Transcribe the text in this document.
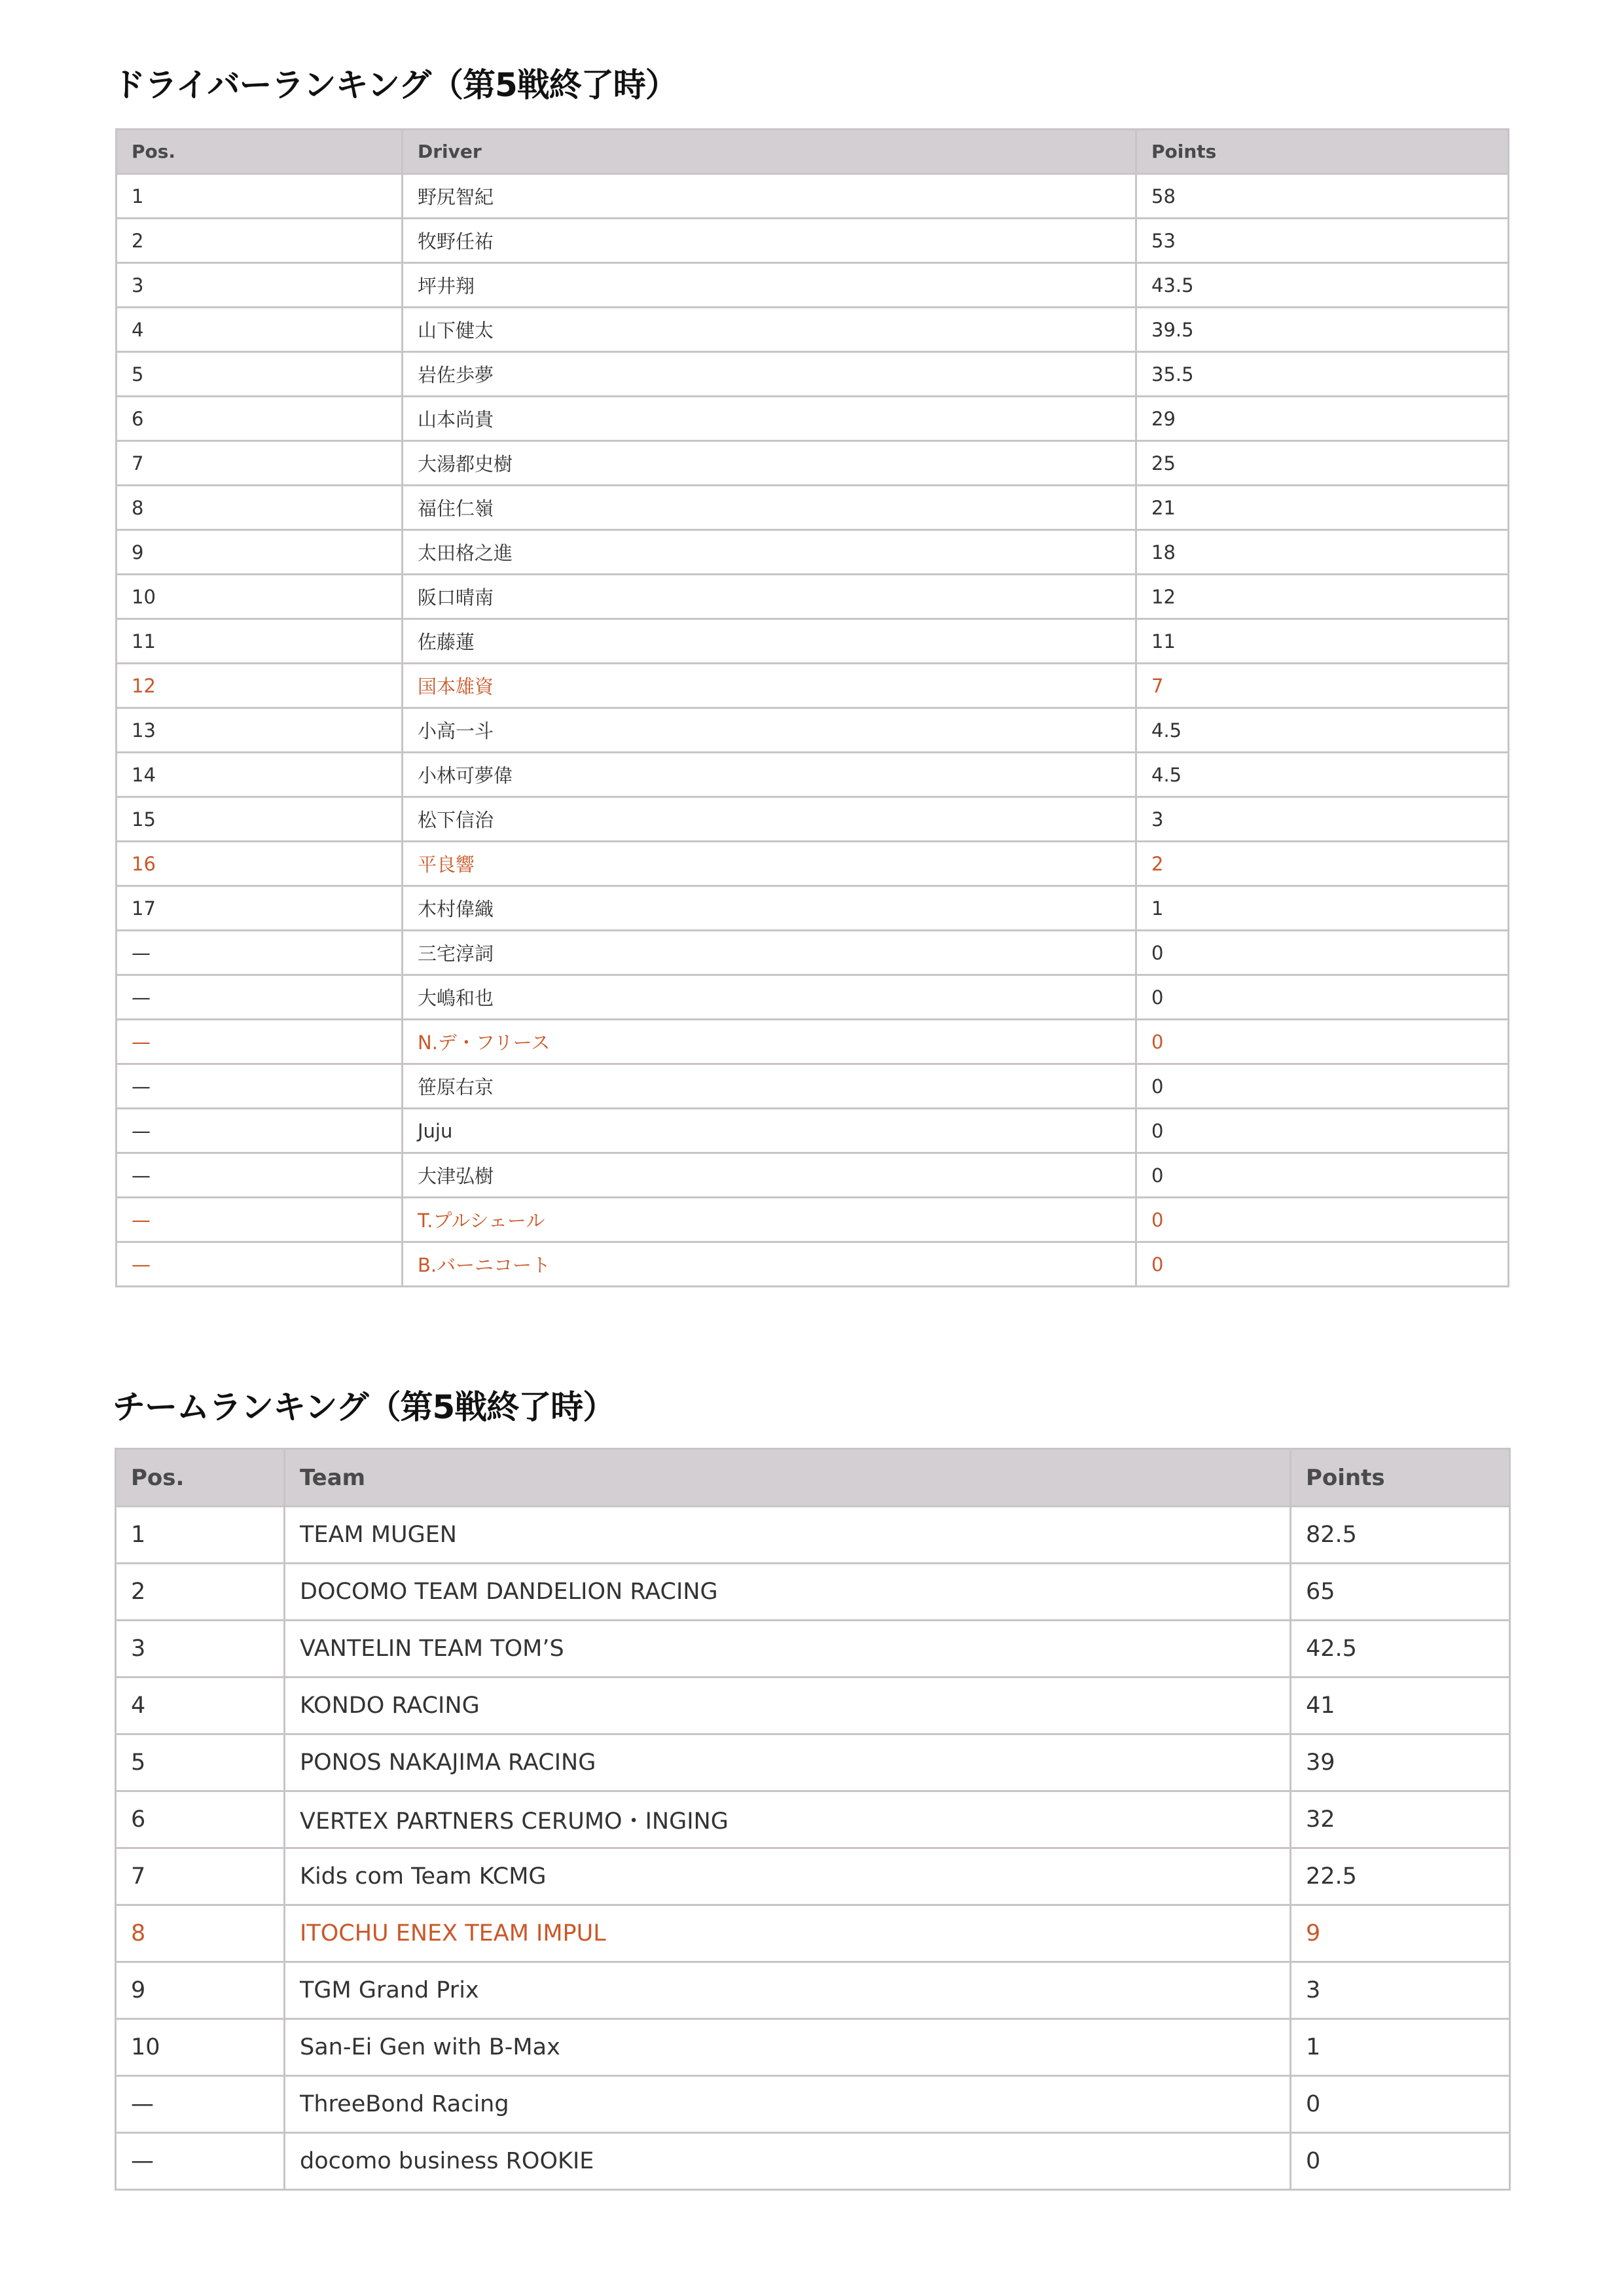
ドライバーランキング（第5戦終了時）
Pos.	Driver	Points
1	野尻智紀	58
2	牧野任祐	53
3	坪井翔	43.5
4	山下健太	39.5
5	岩佐歩夢	35.5
6	山本尚貴	29
7	大湯都史樹	25
8	福住仁嶺	21
9	太田格之進	18
10	阪口晴南	12
11	佐藤蓮	11
12	国本雄資	7
13	小高一斗	4.5
14	小林可夢偉	4.5
15	松下信治	3
16	平良響	2
17	木村偉織	1
—	三宅淳詞	0
—	大嶋和也	0
—	N.デ・フリース	0
—	笹原右京	0
—	Juju	0
—	大津弘樹	0
—	T.プルシェール	0
—	B.バーニコート	0
チームランキング（第5戦終了時）
Pos.	Team	Points
1	TEAM MUGEN	82.5
2	DOCOMO TEAM DANDELION RACING	65
3	VANTELIN TEAM TOM’S	42.5
4	KONDO RACING	41
5	PONOS NAKAJIMA RACING	39
6	VERTEX PARTNERS CERUMO・INGING	32
7	Kids com Team KCMG	22.5
8	ITOCHU ENEX TEAM IMPUL	9
9	TGM Grand Prix	3
10	San-Ei Gen with B-Max	1
—	ThreeBond Racing	0
—	docomo business ROOKIE	0
